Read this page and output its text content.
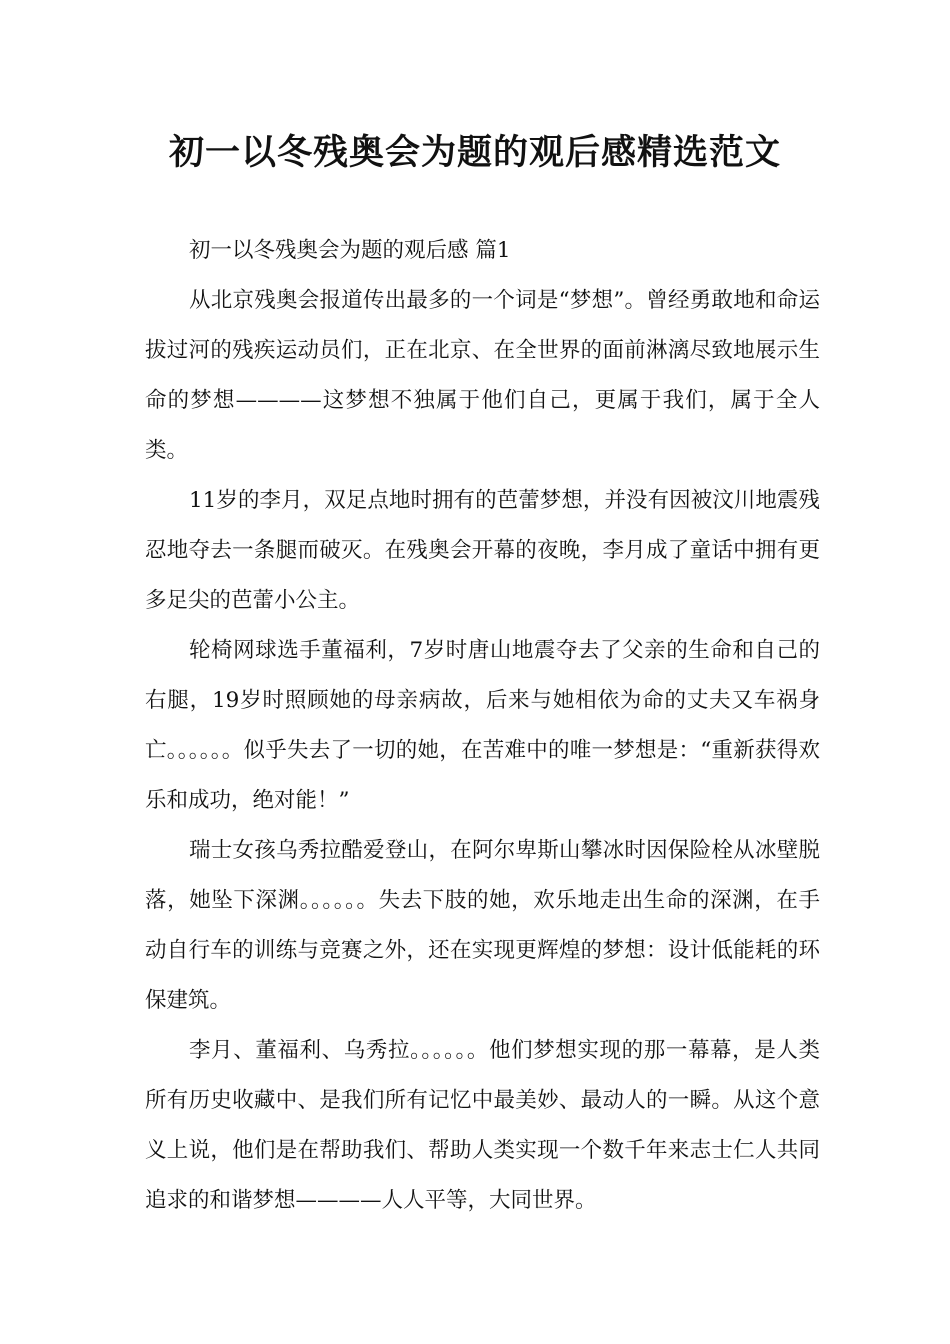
初一以冬残奥会为题的观后感精选范文

初一以冬残奥会为题的观后感 篇1

从北京残奥会报道传出最多的一个词是“梦想”。曾经勇敢地和命运拔过河的残疾运动员们，正在北京、在全世界的面前淋漓尽致地展示生命的梦想————这梦想不独属于他们自己，更属于我们，属于全人类。

11岁的李月，双足点地时拥有的芭蕾梦想，并没有因被汶川地震残忍地夺去一条腿而破灭。在残奥会开幕的夜晚，李月成了童话中拥有更多足尖的芭蕾小公主。

轮椅网球选手董福利，7岁时唐山地震夺去了父亲的生命和自己的右腿，19岁时照顾她的母亲病故，后来与她相依为命的丈夫又车祸身亡。。。。。。似乎失去了一切的她，在苦难中的唯一梦想是：“重新获得欢乐和成功，绝对能！”

瑞士女孩乌秀拉酷爱登山，在阿尔卑斯山攀冰时因保险栓从冰壁脱落，她坠下深渊。。。。。。失去下肢的她，欢乐地走出生命的深渊，在手动自行车的训练与竞赛之外，还在实现更辉煌的梦想：设计低能耗的环保建筑。

李月、董福利、乌秀拉。。。。。。他们梦想实现的那一幕幕，是人类所有历史收藏中、是我们所有记忆中最美妙、最动人的一瞬。从这个意义上说，他们是在帮助我们、帮助人类实现一个数千年来志士仁人共同追求的和谐梦想————人人平等，大同世界。
